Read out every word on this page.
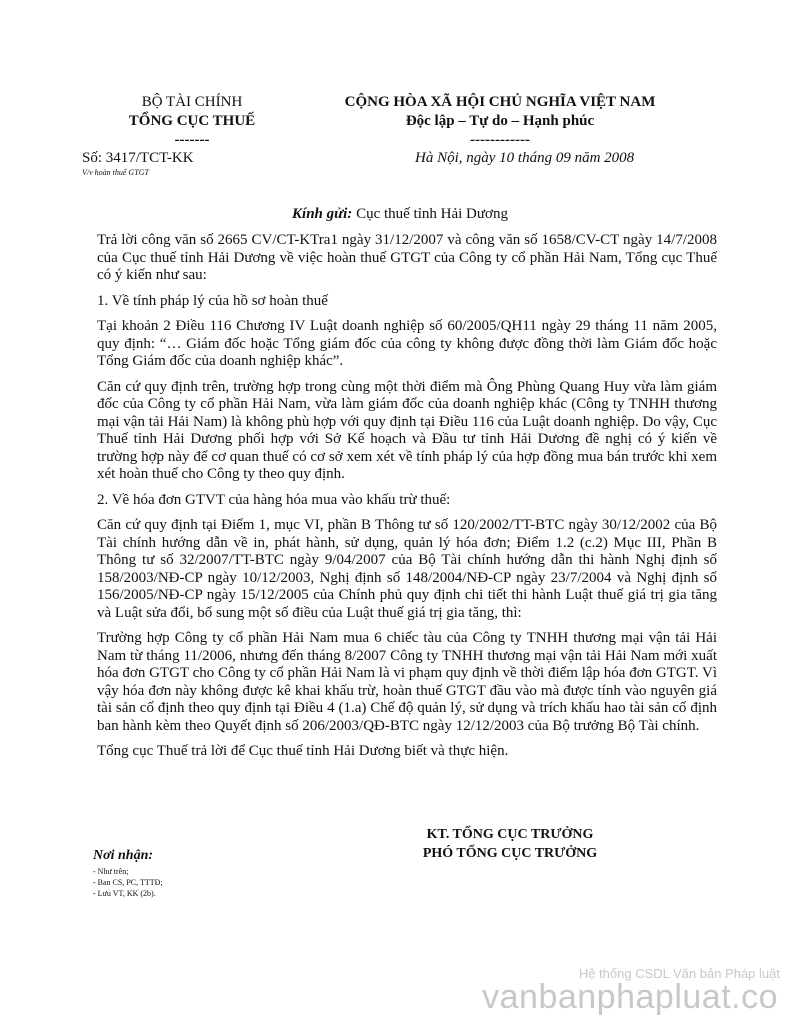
BỘ TÀI CHÍNH
TỔNG CỤC THUẾ
-------
CỘNG HÒA XÃ HỘI CHỦ NGHĨA VIỆT NAM
Độc lập – Tự do – Hạnh phúc
------------
Số: 3417/TCT-KK
V/v hoàn thuế GTGT
Hà Nội, ngày 10 tháng 09 năm 2008
Kính gửi: Cục thuế tỉnh Hải Dương

Trả lời công văn số 2665 CV/CT-KTra1 ngày 31/12/2007 và công văn số 1658/CV-CT ngày 14/7/2008 của Cục thuế tỉnh Hải Dương về việc hoàn thuế GTGT của Công ty cổ phần Hải Nam, Tổng cục Thuế có ý kiến như sau:

1. Về tính pháp lý của hồ sơ hoàn thuế

Tại khoản 2 Điều 116 Chương IV Luật doanh nghiệp số 60/2005/QH11 ngày 29 tháng 11 năm 2005, quy định: “… Giám đốc hoặc Tổng giám đốc của công ty không được đồng thời làm Giám đốc hoặc Tổng Giám đốc của doanh nghiệp khác”.

Căn cứ quy định trên, trường hợp trong cùng một thời điểm mà Ông Phùng Quang Huy vừa làm giám đốc của Công ty cổ phần Hải Nam, vừa làm giám đốc của doanh nghiệp khác (Công ty TNHH thương mại vận tải Hải Nam) là không phù hợp với quy định tại Điều 116 của Luật doanh nghiệp. Do vậy, Cục Thuế tỉnh Hải Dương phối hợp với Sở Kế hoạch và Đầu tư tỉnh Hải Dương đề nghị có ý kiến về trường hợp này để cơ quan thuế có cơ sở xem xét về tính pháp lý của hợp đồng mua bán trước khi xem xét hoàn thuế cho Công ty theo quy định.

2. Về hóa đơn GTVT của hàng hóa mua vào khấu trừ thuế:

Căn cứ quy định tại Điểm 1, mục VI, phần B Thông tư số 120/2002/TT-BTC ngày 30/12/2002 của Bộ Tài chính hướng dẫn về in, phát hành, sử dụng, quản lý hóa đơn; Điểm 1.2 (c.2) Mục III, Phần B Thông tư số 32/2007/TT-BTC ngày 9/04/2007 của Bộ Tài chính hướng dẫn thi hành Nghị định số 158/2003/NĐ-CP ngày 10/12/2003, Nghị định số 148/2004/NĐ-CP ngày 23/7/2004 và Nghị định số 156/2005/NĐ-CP ngày 15/12/2005 của Chính phủ quy định chi tiết thi hành Luật thuế giá trị gia tăng và Luật sửa đổi, bổ sung một số điều của Luật thuế giá trị gia tăng, thì:

Trường hợp Công ty cổ phần Hải Nam mua 6 chiếc tàu của Công ty TNHH thương mại vận tải Hải Nam từ tháng 11/2006, nhưng đến tháng 8/2007 Công ty TNHH thương mại vận tải Hải Nam mới xuất hóa đơn GTGT cho Công ty cổ phần Hải Nam là vi phạm quy định về thời điểm lập hóa đơn GTGT. Vì vậy hóa đơn này không được kê khai khấu trừ, hoàn thuế GTGT đầu vào mà được tính vào nguyên giá tài sản cố định theo quy định tại Điều 4 (1.a) Chế độ quản lý, sử dụng và trích khấu hao tài sản cố định ban hành kèm theo Quyết định số 206/2003/QĐ-BTC ngày 12/12/2003 của Bộ trưởng Bộ Tài chính.

Tổng cục Thuế trả lời để Cục thuế tỉnh Hải Dương biết và thực hiện.

KT. TỔNG CỤC TRƯỞNG
PHÓ TỔNG CỤC TRƯỞNG
Nơi nhận:
- Như trên;
- Ban CS, PC, TTTĐ;
- Lưu VT, KK (2b).
Hệ thống CSDL Văn bản Pháp luật
vanbanphapluat.co
